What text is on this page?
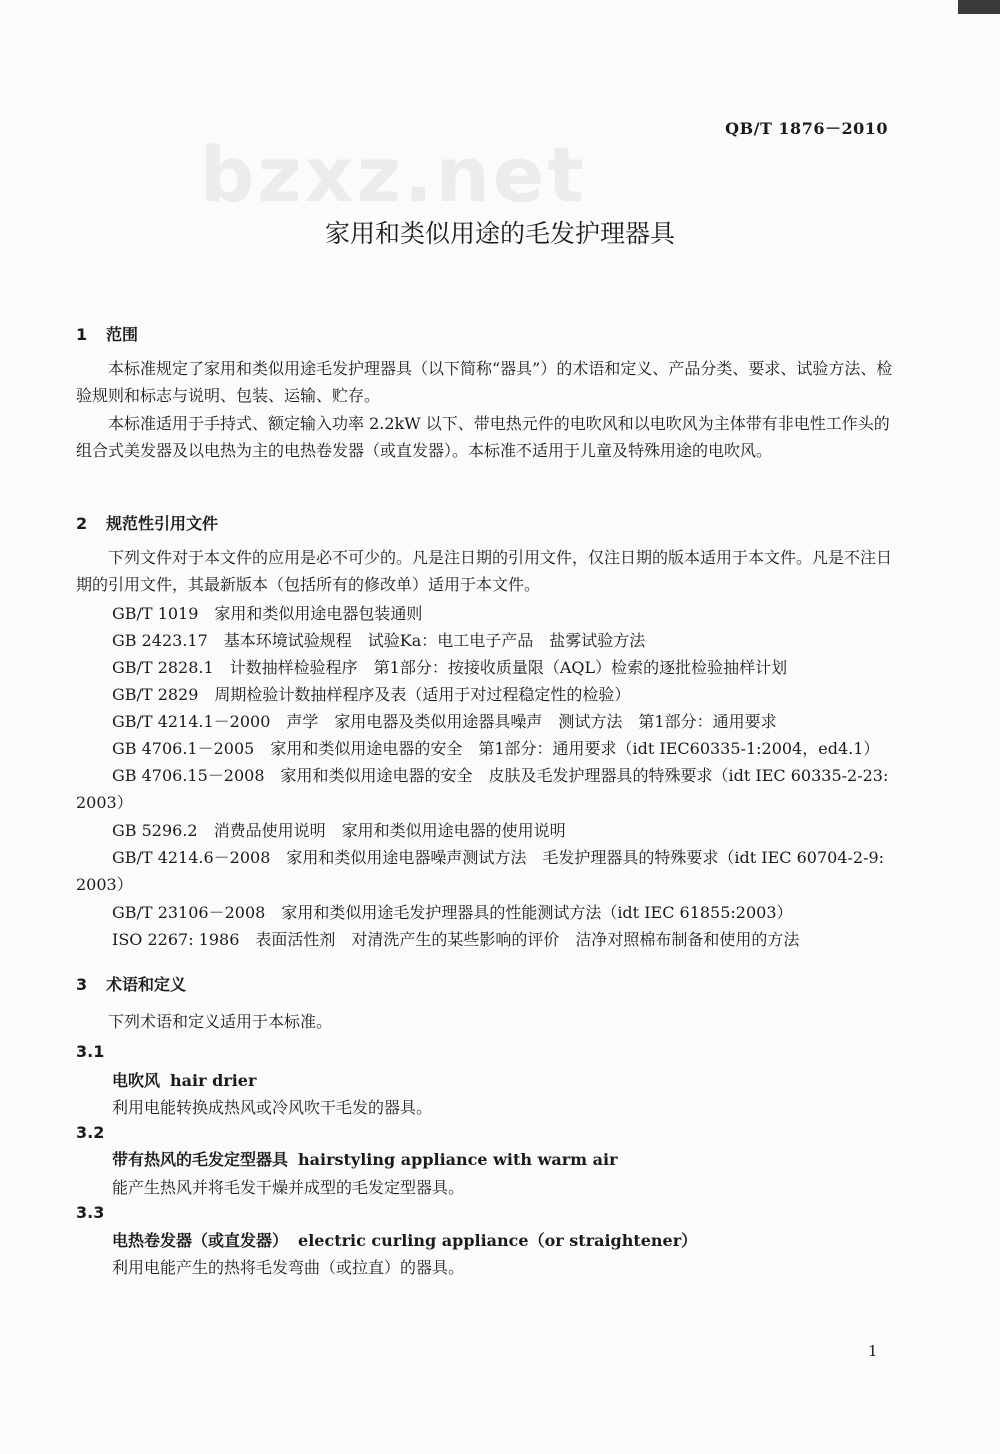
QB/T 1876－2010
bzxz.net
家用和类似用途的毛发护理器具
1 范围
本标准规定了家用和类似用途毛发护理器具（以下简称“器具”）的术语和定义、产品分类、要求、试验方法、检验规则和标志与说明、包装、运输、贮存。
本标准适用于手持式、额定输入功率 2.2kW 以下、带电热元件的电吹风和以电吹风为主体带有非电性工作头的组合式美发器及以电热为主的电热卷发器（或直发器）。本标准不适用于儿童及特殊用途的电吹风。
2 规范性引用文件
下列文件对于本文件的应用是必不可少的。凡是注日期的引用文件，仅注日期的版本适用于本文件。凡是不注日期的引用文件，其最新版本（包括所有的修改单）适用于本文件。
GB/T 1019 家用和类似用途电器包装通则
GB 2423.17 基本环境试验规程　试验Ka：电工电子产品　盐雾试验方法
GB/T 2828.1 计数抽样检验程序　第1部分：按接收质量限（AQL）检索的逐批检验抽样计划
GB/T 2829 周期检验计数抽样程序及表（适用于对过程稳定性的检验）
GB/T 4214.1－2000 声学　家用电器及类似用途器具噪声　测试方法　第1部分：通用要求
GB 4706.1－2005 家用和类似用途电器的安全　第1部分：通用要求（idt IEC60335-1:2004，ed4.1）
GB 4706.15－2008 家用和类似用途电器的安全　皮肤及毛发护理器具的特殊要求（idt IEC 60335-2-23: 2003）
GB 5296.2 消费品使用说明　家用和类似用途电器的使用说明
GB/T 4214.6－2008 家用和类似用途电器噪声测试方法　毛发护理器具的特殊要求（idt IEC 60704-2-9: 2003）
GB/T 23106－2008 家用和类似用途毛发护理器具的性能测试方法（idt IEC 61855:2003）
ISO 2267: 1986 表面活性剂　对清洗产生的某些影响的评价　洁净对照棉布制备和使用的方法
3 术语和定义
下列术语和定义适用于本标准。
3.1
电吹风 hair drier
利用电能转换成热风或冷风吹干毛发的器具。
3.2
带有热风的毛发定型器具 hairstyling appliance with warm air
能产生热风并将毛发干燥并成型的毛发定型器具。
3.3
电热卷发器（或直发器） electric curling appliance（or straightener）
利用电能产生的热将毛发弯曲（或拉直）的器具。
1
